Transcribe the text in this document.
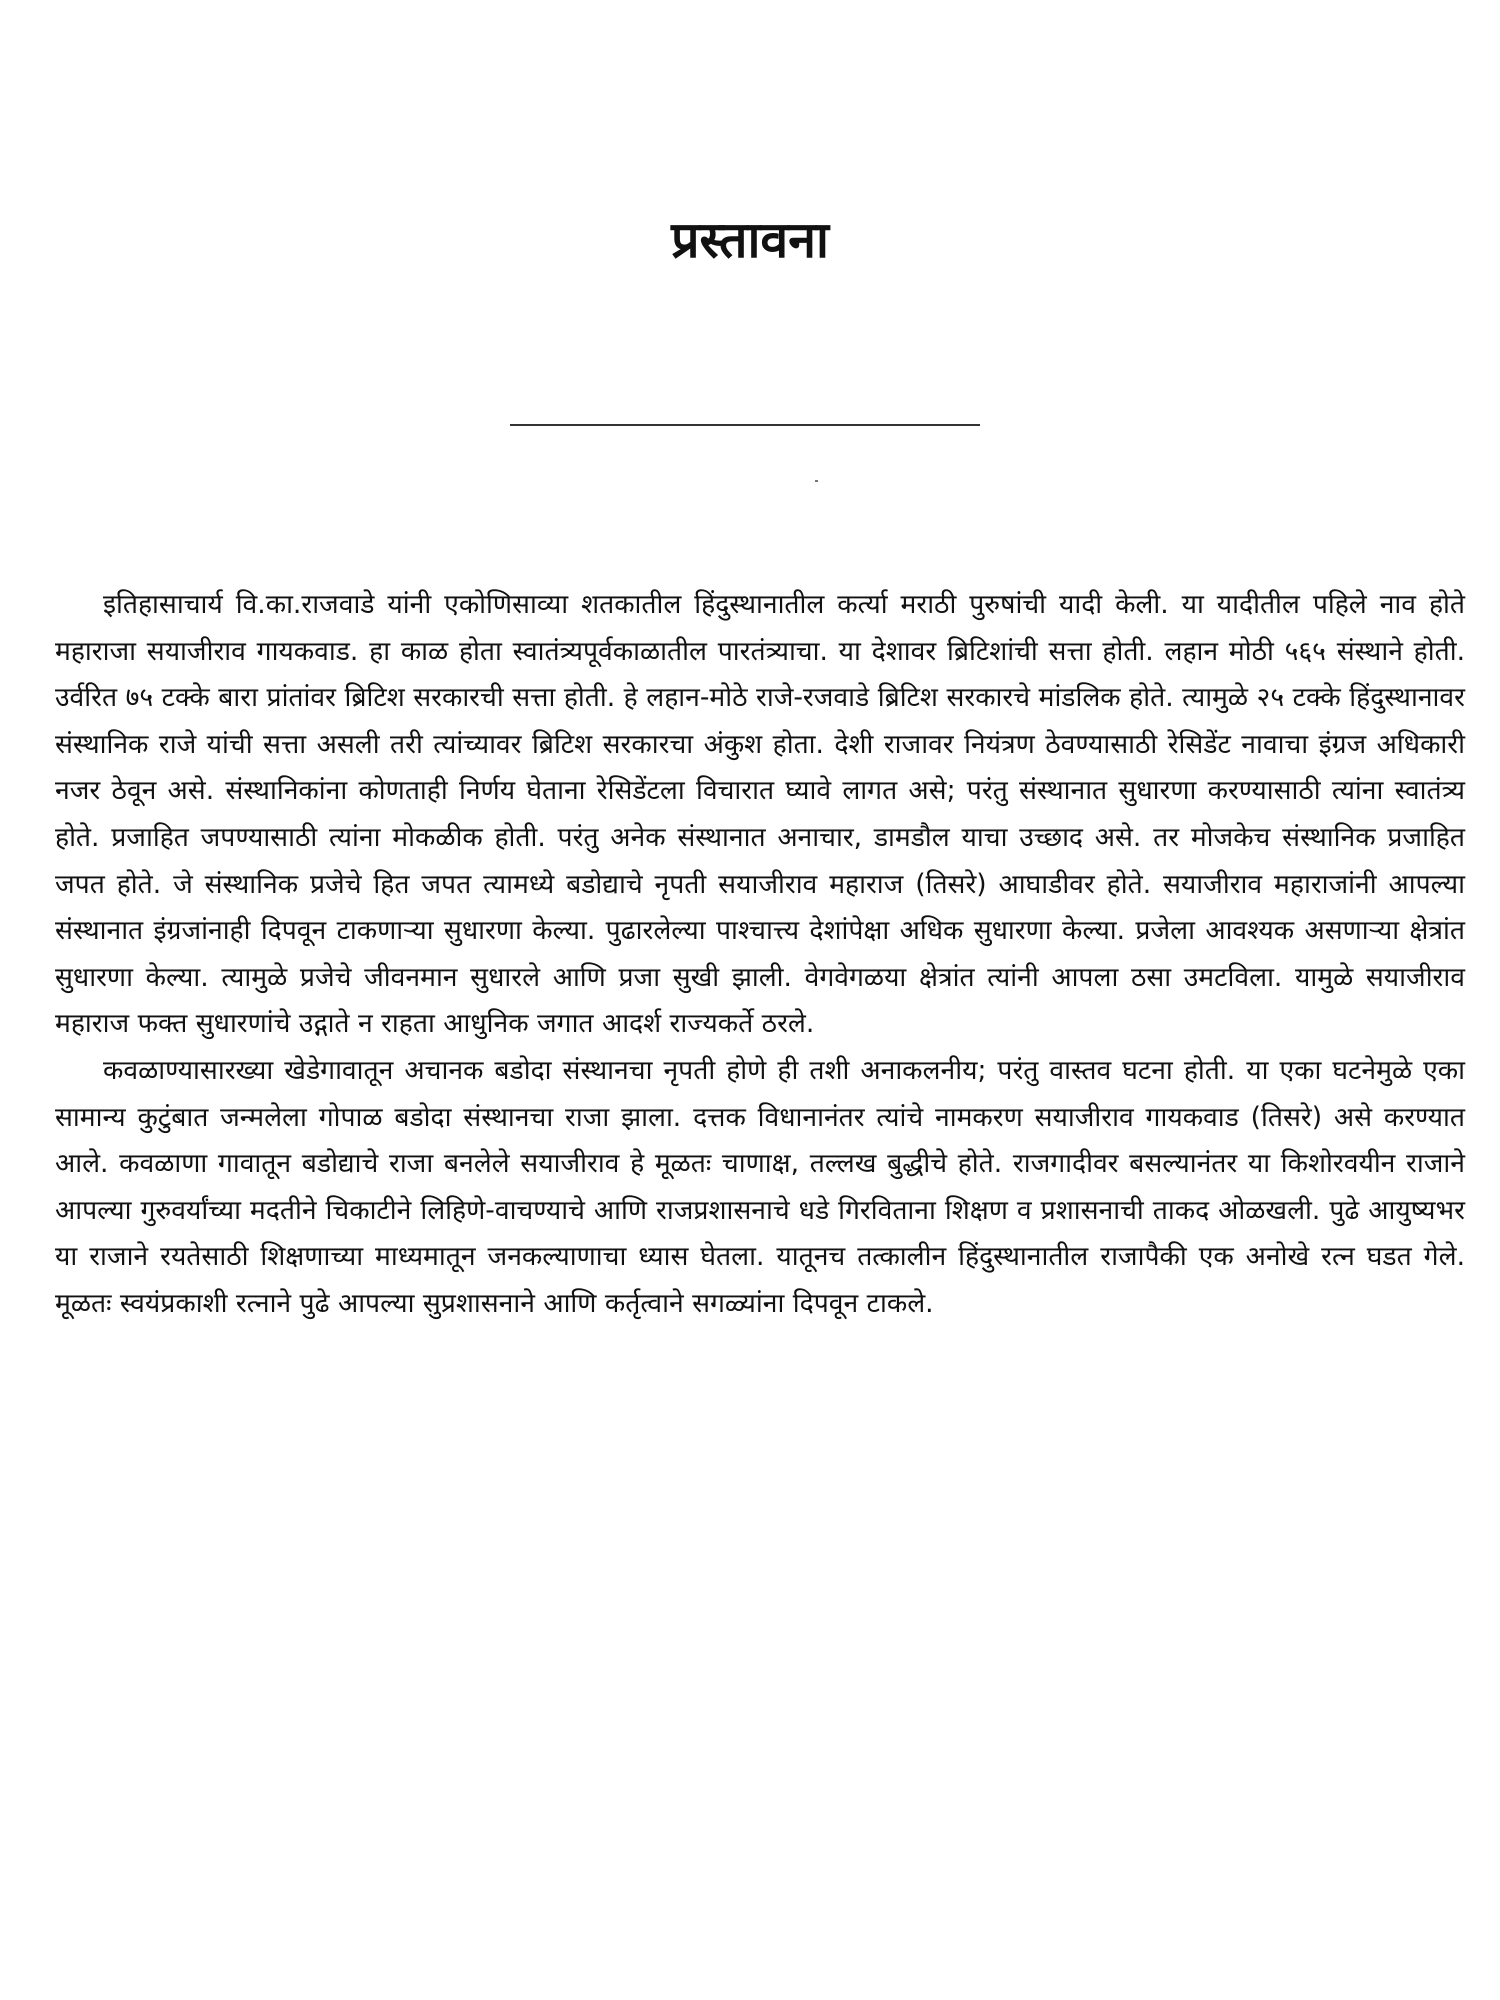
प्रस्तावना

इतिहासाचार्य वि.का.राजवाडे यांनी एकोणिसाव्या शतकातील हिंदुस्थानातील कर्त्या मराठी पुरुषांची यादी केली. या यादीतील पहिले नाव होते महाराजा सयाजीराव गायकवाड. हा काळ होता स्वातंत्र्यपूर्वकाळातील पारतंत्र्याचा. या देशावर ब्रिटिशांची सत्ता होती. लहान मोठी ५६५ संस्थाने होती. उर्वरित ७५ टक्के बारा प्रांतांवर ब्रिटिश सरकारची सत्ता होती. हे लहान-मोठे राजे-रजवाडे ब्रिटिश सरकारचे मांडलिक होते. त्यामुळे २५ टक्के हिंदुस्थानावर संस्थानिक राजे यांची सत्ता असली तरी त्यांच्यावर ब्रिटिश सरकारचा अंकुश होता. देशी राजावर नियंत्रण ठेवण्यासाठी रेसिडेंट नावाचा इंग्रज अधिकारी नजर ठेवून असे. संस्थानिकांना कोणताही निर्णय घेताना रेसिडेंटला विचारात घ्यावे लागत असे; परंतु संस्थानात सुधारणा करण्यासाठी त्यांना स्वातंत्र्य होते. प्रजाहित जपण्यासाठी त्यांना मोकळीक होती. परंतु अनेक संस्थानात अनाचार, डामडौल याचा उच्छाद असे. तर मोजकेच संस्थानिक प्रजाहित जपत होते. जे संस्थानिक प्रजेचे हित जपत त्यामध्ये बडोद्याचे नृपती सयाजीराव महाराज (तिसरे) आघाडीवर होते. सयाजीराव महाराजांनी आपल्या संस्थानात इंग्रजांनाही दिपवून टाकणाऱ्या सुधारणा केल्या. पुढारलेल्या पाश्चात्त्य देशांपेक्षा अधिक सुधारणा केल्या. प्रजेला आवश्यक असणाऱ्या क्षेत्रांत सुधारणा केल्या. त्यामुळे प्रजेचे जीवनमान सुधारले आणि प्रजा सुखी झाली. वेगवेगळया क्षेत्रांत त्यांनी आपला ठसा उमटविला. यामुळे सयाजीराव महाराज फक्त सुधारणांचे उद्गाते न राहता आधुनिक जगात आदर्श राज्यकर्ते ठरले.

कवळाण्यासारख्या खेडेगावातून अचानक बडोदा संस्थानचा नृपती होणे ही तशी अनाकलनीय; परंतु वास्तव घटना होती. या एका घटनेमुळे एका सामान्य कुटुंबात जन्मलेला गोपाळ बडोदा संस्थानचा राजा झाला. दत्तक विधानानंतर त्यांचे नामकरण सयाजीराव गायकवाड (तिसरे) असे करण्यात आले. कवळाणा गावातून बडोद्याचे राजा बनलेले सयाजीराव हे मूळतः चाणाक्ष, तल्लख बुद्धीचे होते. राजगादीवर बसल्यानंतर या किशोरवयीन राजाने आपल्या गुरुवर्यांच्या मदतीने चिकाटीने लिहिणे-वाचण्याचे आणि राजप्रशासनाचे धडे गिरविताना शिक्षण व प्रशासनाची ताकद ओळखली. पुढे आयुष्यभर या राजाने रयतेसाठी शिक्षणाच्या माध्यमातून जनकल्याणाचा ध्यास घेतला. यातूनच तत्कालीन हिंदुस्थानातील राजापैकी एक अनोखे रत्न घडत गेले. मूळतः स्वयंप्रकाशी रत्नाने पुढे आपल्या सुप्रशासनाने आणि कर्तृत्वाने सगळ्यांना दिपवून टाकले.
